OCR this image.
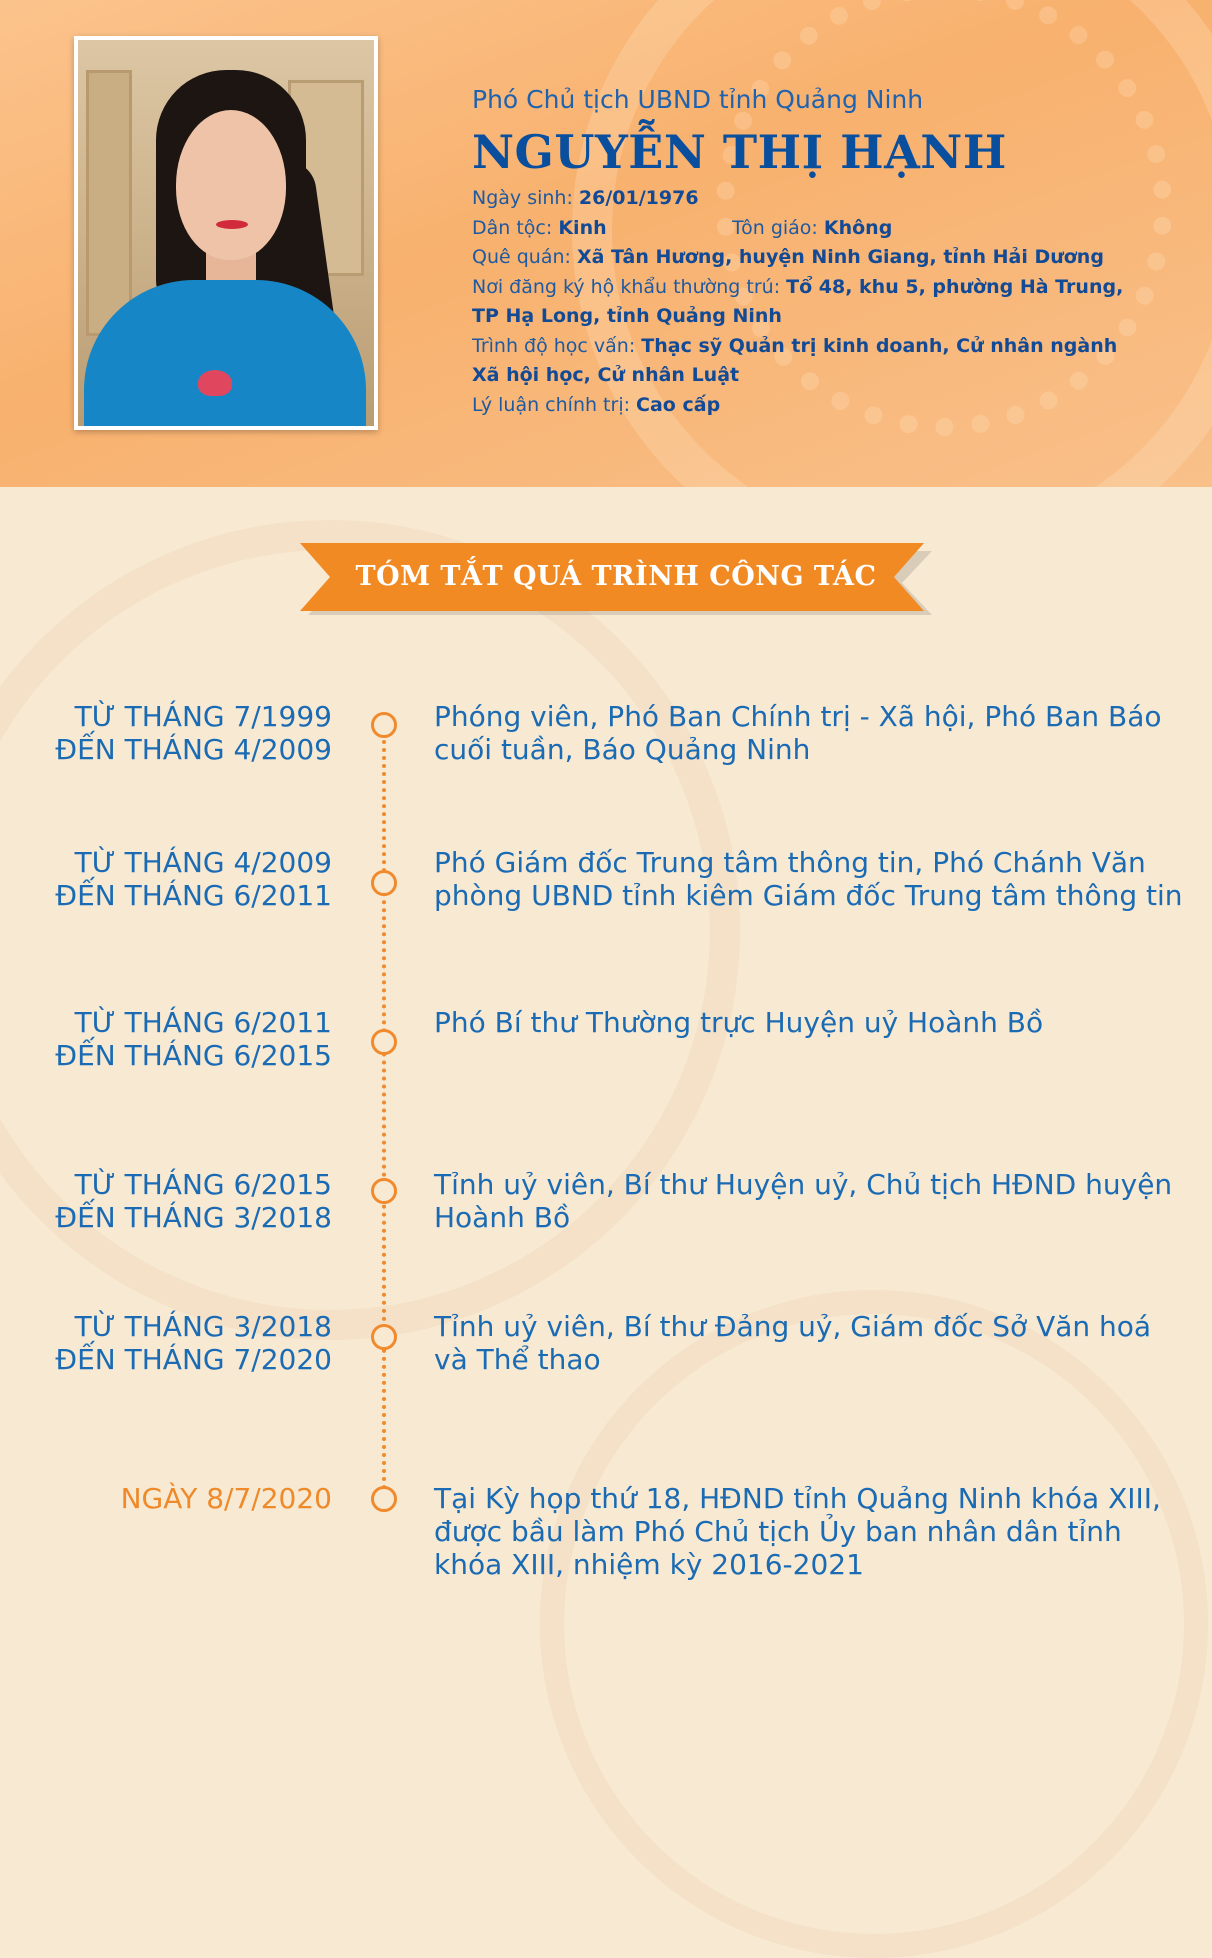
Phó Chủ tịch UBND tỉnh Quảng Ninh

NGUYỄN THỊ HẠNH

Ngày sinh: 26/01/1976

Dân tộc: Kinh	Tôn giáo: Không

Quê quán: Xã Tân Hương, huyện Ninh Giang, tỉnh Hải Dương

Nơi đăng ký hộ khẩu thường trú: Tổ 48, khu 5, phường Hà Trung,

TP Hạ Long, tỉnh Quảng Ninh

Trình độ học vấn: Thạc sỹ Quản trị kinh doanh, Cử nhân ngành

Xã hội học, Cử nhân Luật

Lý luận chính trị: Cao cấp

TÓM TẮT QUÁ TRÌNH CÔNG TÁC
TỪ THÁNG 7/1999
ĐẾN THÁNG 4/2009
Phóng viên, Phó Ban Chính trị - Xã hội, Phó Ban Báo
cuối tuần, Báo Quảng Ninh
TỪ THÁNG 4/2009
ĐẾN THÁNG 6/2011
Phó Giám đốc Trung tâm thông tin, Phó Chánh Văn
phòng UBND tỉnh kiêm Giám đốc Trung tâm thông tin
TỪ THÁNG 6/2011
ĐẾN THÁNG 6/2015
Phó Bí thư Thường trực Huyện uỷ Hoành Bồ
TỪ THÁNG 6/2015
ĐẾN THÁNG 3/2018
Tỉnh uỷ viên, Bí thư Huyện uỷ, Chủ tịch HĐND huyện
Hoành Bồ
TỪ THÁNG 3/2018
ĐẾN THÁNG 7/2020
Tỉnh uỷ viên, Bí thư Đảng uỷ, Giám đốc Sở Văn hoá
và Thể thao
NGÀY 8/7/2020	Tại Kỳ họp thứ 18, HĐND tỉnh Quảng Ninh khóa XIII,
được bầu làm Phó Chủ tịch Ủy ban nhân dân tỉnh
khóa XIII, nhiệm kỳ 2016-2021
